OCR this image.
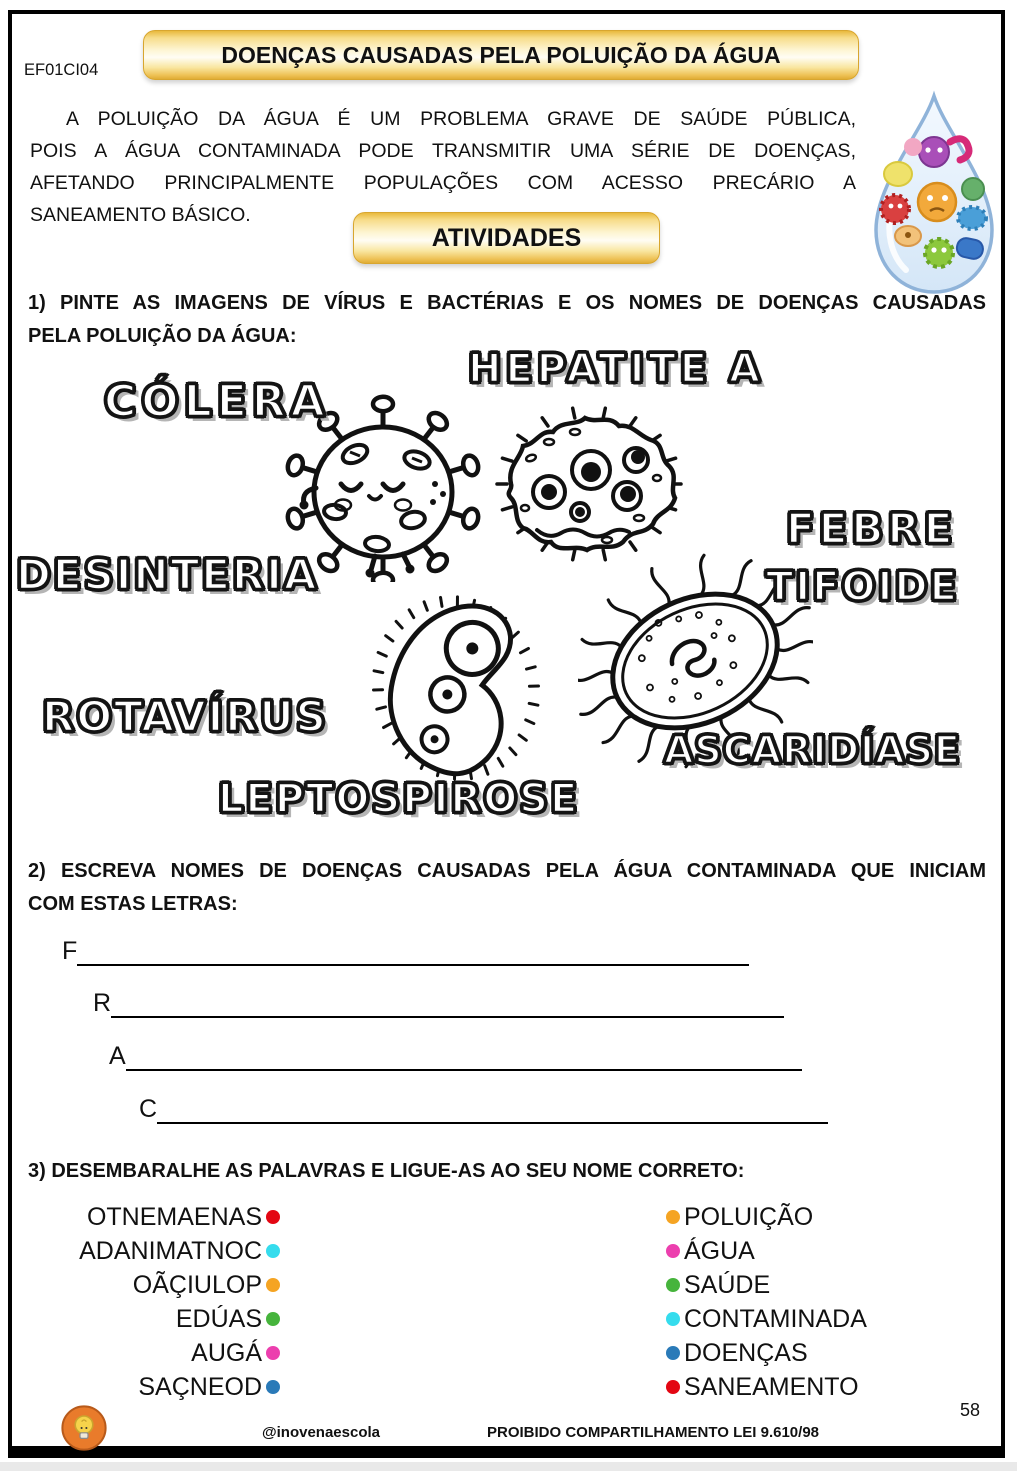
EF01CI04
DOENÇAS CAUSADAS PELA POLUIÇÃO DA ÁGUA
A POLUIÇÃO DA ÁGUA É UM PROBLEMA GRAVE DE SAÚDE PÚBLICA,
POIS A ÁGUA CONTAMINADA PODE TRANSMITIR UMA SÉRIE DE DOENÇAS,
AFETANDO PRINCIPALMENTE POPULAÇÕES COM ACESSO PRECÁRIO A
SANEAMENTO BÁSICO.
ATIVIDADES
1) PINTE AS IMAGENS DE VÍRUS E BACTÉRIAS E OS NOMES DE DOENÇAS CAUSADAS
PELA POLUIÇÃO DA ÁGUA:
HEPATITE A
CÓLERA
DESINTERIA
FEBRE
TIFOIDE
ROTAVÍRUS
ASCARIDÍASE
LEPTOSPIROSE
2) ESCREVA NOMES DE DOENÇAS CAUSADAS PELA ÁGUA CONTAMINADA QUE INICIAM
COM ESTAS LETRAS:
F
R
A
C
3) DESEMBARALHE AS PALAVRAS E LIGUE-AS AO SEU NOME CORRETO:
OTNEMAENAS
ADANIMATNOC
OÃÇIULOP
EDÚAS
AUGÁ
SAÇNEOD
POLUIÇÃO
ÁGUA
SAÚDE
CONTAMINADA
DOENÇAS
SANEAMENTO
@inovenaescola	PROIBIDO COMPARTILHAMENTO LEI 9.610/98
58
